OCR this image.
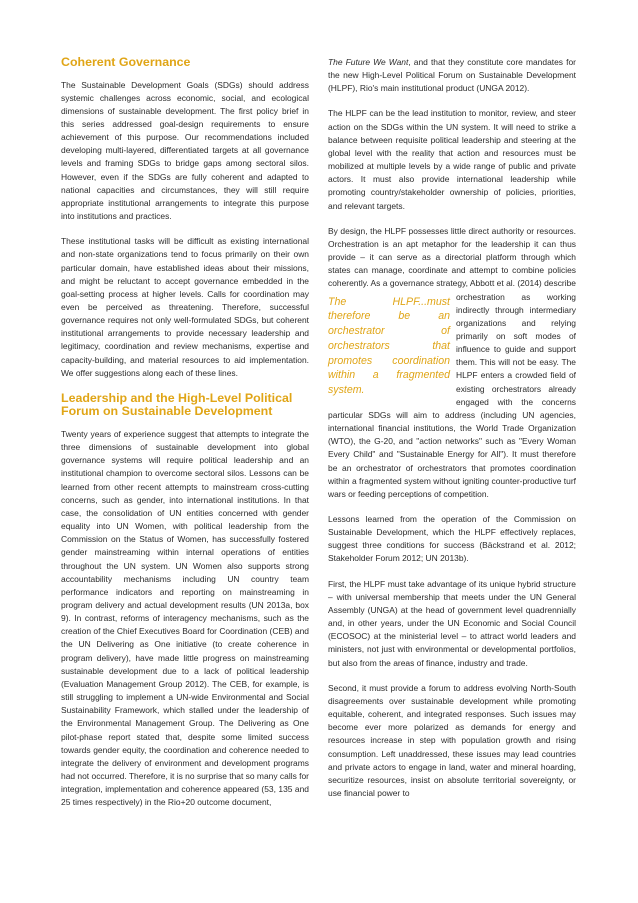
Coherent Governance

The Sustainable Development Goals (SDGs) should address systemic challenges across economic, social, and ecological dimensions of sustainable development. The first policy brief in this series addressed goal-design requirements to ensure achievement of this purpose. Our recommendations included developing multi-layered, differentiated targets at all governance levels and framing SDGs to bridge gaps among sectoral silos. However, even if the SDGs are fully coherent and adapted to national capacities and circumstances, they will still require appropriate institutional arrangements to integrate this purpose into institutions and practices.

These institutional tasks will be difficult as existing international and non-state organizations tend to focus primarily on their own particular domain, have established ideas about their missions, and might be reluctant to accept governance embedded in the goal-setting process at higher levels. Calls for coordination may even be perceived as threatening. Therefore, successful governance requires not only well-formulated SDGs, but coherent institutional arrangements to provide necessary leadership and legitimacy, coordination and review mechanisms, expertise and capacity-building, and material resources to aid implementation. We offer suggestions along each of these lines.

Leadership and the High-Level Political Forum on Sustainable Development

Twenty years of experience suggest that attempts to integrate the three dimensions of sustainable development into global governance systems will require political leadership and an institutional champion to overcome sectoral silos. Lessons can be learned from other recent attempts to mainstream cross-cutting concerns, such as gender, into international institutions. In that case, the consolidation of UN entities concerned with gender equality into UN Women, with political leadership from the Commission on the Status of Women, has successfully fostered gender mainstreaming within internal operations of entities throughout the UN system. UN Women also supports strong accountability mechanisms including UN country team performance indicators and reporting on mainstreaming in program delivery and actual development results (UN 2013a, box 9). In contrast, reforms of interagency mechanisms, such as the creation of the Chief Executives Board for Coordination (CEB) and the UN Delivering as One initiative (to create coherence in program delivery), have made little progress on mainstreaming sustainable development due to a lack of political leadership (Evaluation Management Group 2012). The CEB, for example, is still struggling to implement a UN-wide Environmental and Social Sustainability Framework, which stalled under the leadership of the Environmental Management Group. The Delivering as One pilot-phase report stated that, despite some limited success towards gender equity, the coordination and coherence needed to integrate the delivery of environment and development programs had not occurred. Therefore, it is no surprise that so many calls for integration, implementation and coherence appeared (53, 135 and 25 times respectively) in the Rio+20 outcome document,

The Future We Want, and that they constitute core mandates for the new High-Level Political Forum on Sustainable Development (HLPF), Rio's main institutional product (UNGA 2012).

The HLPF can be the lead institution to monitor, review, and steer action on the SDGs within the UN system. It will need to strike a balance between requisite political leadership and steering at the global level with the reality that action and resources must be mobilized at multiple levels by a wide range of public and private actors. It must also provide international leadership while promoting country/stakeholder ownership of policies, priorities, and relevant targets.

By design, the HLPF possesses little direct authority or resources. Orchestration is an apt metaphor for the leadership it can thus provide – it can serve as a directorial platform through which states can manage, coordinate and attempt to combine policies coherently. As a governance strategy, Abbott et al. (2014) describe orchestration as
The HLPF...must therefore be an orchestrator of orchestrators that promotes coordination within a fragmented system.
working indirectly through intermediary organizations and relying primarily on soft modes of influence to guide and support them. This will not be easy. The HLPF enters a crowded field of existing orchestrators already engaged with the concerns particular SDGs will aim to address (including UN agencies, international financial institutions, the World Trade Organization (WTO), the G-20, and "action networks" such as "Every Woman Every Child" and "Sustainable Energy for All"). It must therefore be an orchestrator of orchestrators that promotes coordination within a fragmented system without igniting counter-productive turf wars or feeding perceptions of competition.

Lessons learned from the operation of the Commission on Sustainable Development, which the HLPF effectively replaces, suggest three conditions for success (Bäckstrand et al. 2012; Stakeholder Forum 2012; UN 2013b).

First, the HLPF must take advantage of its unique hybrid structure – with universal membership that meets under the UN General Assembly (UNGA) at the head of government level quadrennially and, in other years, under the UN Economic and Social Council (ECOSOC) at the ministerial level – to attract world leaders and ministers, not just with environmental or developmental portfolios, but also from the areas of finance, industry and trade.

Second, it must provide a forum to address evolving North-South disagreements over sustainable development while promoting equitable, coherent, and integrated responses. Such issues may become ever more polarized as demands for energy and resources increase in step with population growth and rising consumption. Left unaddressed, these issues may lead countries and private actors to engage in land, water and mineral hoarding, securitize resources, insist on absolute territorial sovereignty, or use financial power to
